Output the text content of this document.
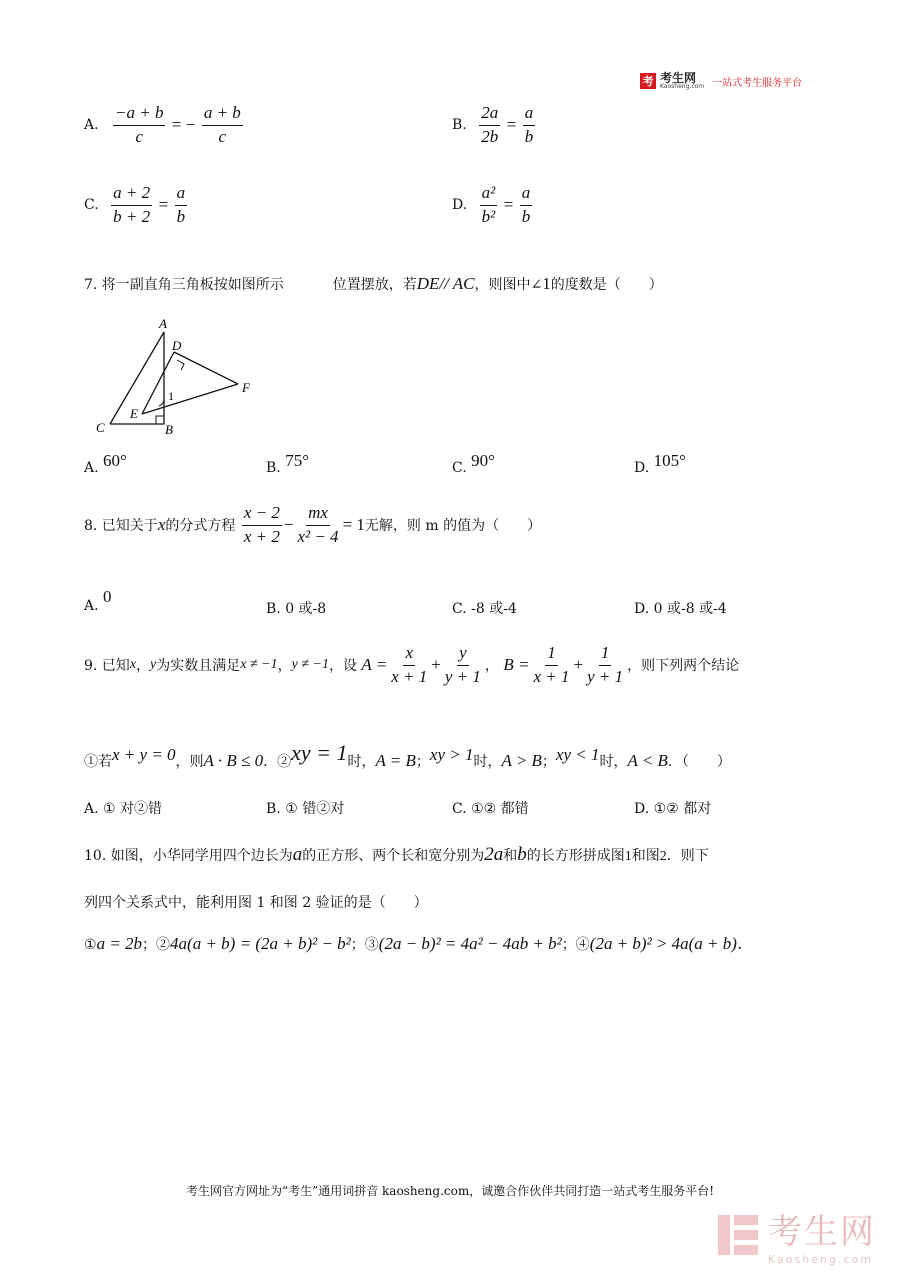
考 考生网
Kaosheng.com 一站式考生服务平台
A. $\frac{-a + b}{c}$ = − $\frac{a + b}{c}$	B. $\frac{2a}{2b} = \frac{a}{b}$
C. $\frac{a + 2}{b + 2} = \frac{a}{b}$	D. $\frac{\text{a²}}{\text{b²}} = \frac{a}{b}$
7. 将一副直角三角板按如图所示	位置摆放，若DE// AC，则图中∠1的度数是（　　）
A
D
F
E
C	B
1
A. 60°	B. 75°	C. 90°	D. 105°
8. 已知关于x的分式方程 $\frac{x - 2}{x + 2} - \frac{mx}{\text{x² − 4}} = 1$无解，则 m 的值为（　　）
A. 0
B. 0 或-8	C. -8 或-4	D. 0 或-8 或-4
9. 已知x，y为实数且满足x ≠ −1，y ≠ −1，设 $A = \frac{x}{x + 1} + \frac{y}{y + 1}$ ， $B = \frac{1}{x + 1} + \frac{1}{y + 1}$ ，则下列两个结论
①若x + y = 0，则A · B ≤ 0．②xy = 1时，A = B；xy > 1时，A > B；xy < 1时，A < B．（　　）
A. ① 对②错	B. ① 错②对	C. ①② 都错	D. ①② 都对
10. 如图，小华同学用四个边长为a的正方形、两个长和宽分别为2a和b的长方形拼成图1和图2．则下
列四个关系式中，能利用图 1 和图 2 验证的是（　　）
①a = 2b；②4a(a + b) = (2a + b)² − b²；③(2a − b)² = 4a² − 4ab + b²；④(2a + b)² > 4a(a + b).
考生网官方网址为“考生”通用词拼音 kaosheng.com，诚邀合作伙伴共同打造一站式考生服务平台!
考生网
Kaosheng.com
